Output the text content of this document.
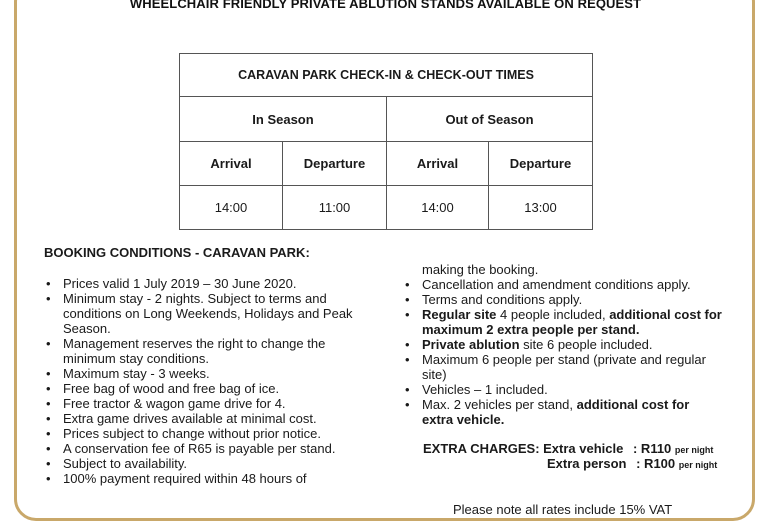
WHEELCHAIR FRIENDLY PRIVATE ABLUTION STANDS AVAILABLE ON REQUEST
CARAVAN PARK CHECK-IN & CHECK-OUT TIMES			
In Season		Out of Season	
Arrival	Departure	Arrival	Departure
14:00	11:00	14:00	13:00
BOOKING CONDITIONS - CARAVAN PARK:
• Prices valid 1 July 2019 – 30 June 2020.
• Minimum stay - 2 nights. Subject to terms and conditions on Long Weekends, Holidays and Peak Season.
• Management reserves the right to change the minimum stay conditions.
• Maximum stay - 3 weeks.
• Free bag of wood and free bag of ice.
• Free tractor & wagon game drive for 4.
• Extra game drives available at minimal cost.
• Prices subject to change without prior notice.
• A conservation fee of R65 is payable per stand.
• Subject to availability.
• 100% payment required within 48 hours of
making the booking.
• Cancellation and amendment conditions apply.
• Terms and conditions apply.
• Regular site 4 people included, additional cost for maximum 2 extra people per stand.
• Private ablution site 6 people included.
• Maximum 6 people per stand (private and regular site)
• Vehicles – 1 included.
• Max. 2 vehicles per stand, additional cost for extra vehicle.
EXTRA CHARGES: Extra vehicle : R110 per night
Extra person : R100 per night
Please note all rates include 15% VAT
